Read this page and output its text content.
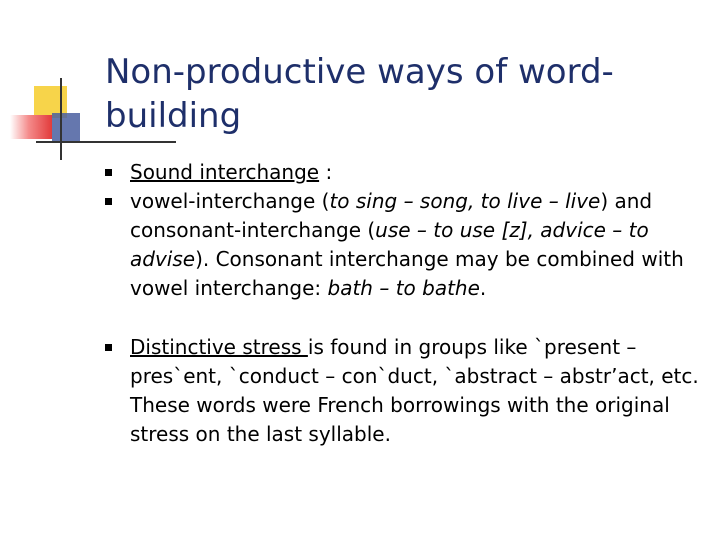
Non-productive ways of word-building
Sound interchange :
vowel-interchange (to sing – song, to live – live) and consonant-interchange (use – to use [z], advice – to advise). Consonant interchange may be combined with vowel interchange: bath – to bathe.
Distinctive stress is found in groups like `present – pres`ent, `conduct – con`duct, `abstract – abstr’act, etc. These words were French borrowings with the original stress on the last syllable.
